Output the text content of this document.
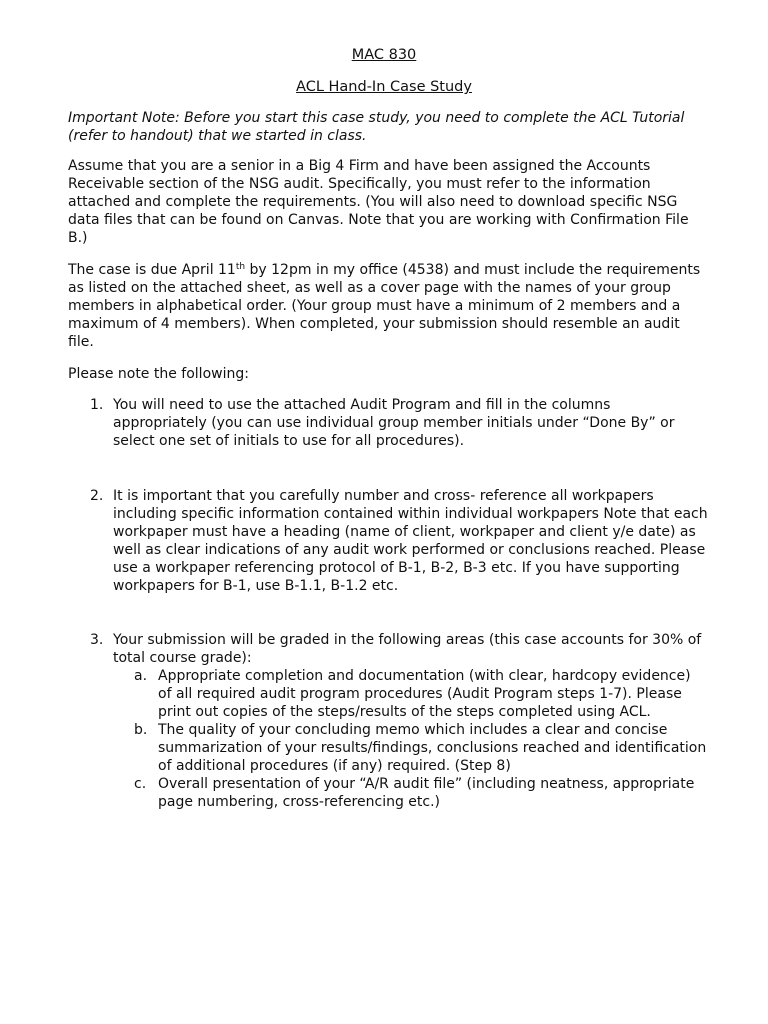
MAC 830
ACL Hand-In Case Study

Important Note: Before you start this case study, you need to complete the ACL Tutorial (refer to handout) that we started in class.

Assume that you are a senior in a Big 4 Firm and have been assigned the Accounts Receivable section of the NSG audit. Specifically, you must refer to the information attached and complete the requirements. (You will also need to download specific NSG data files that can be found on Canvas. Note that you are working with Confirmation File B.)

The case is due April 11th by 12pm in my office (4538) and must include the requirements as listed on the attached sheet, as well as a cover page with the names of your group members in alphabetical order. (Your group must have a minimum of 2 members and a maximum of 4 members). When completed, your submission should resemble an audit file.

Please note the following:

1. You will need to use the attached Audit Program and fill in the columns appropriately (you can use individual group member initials under “Done By” or select one set of initials to use for all procedures).
2. It is important that you carefully number and cross- reference all workpapers including specific information contained within individual workpapers Note that each workpaper must have a heading (name of client, workpaper and client y/e date) as well as clear indications of any audit work performed or conclusions reached. Please use a workpaper referencing protocol of B-1, B-2, B-3 etc. If you have supporting workpapers for B-1, use B-1.1, B-1.2 etc.
3. Your submission will be graded in the following areas (this case accounts for 30% of total course grade):
a. Appropriate completion and documentation (with clear, hardcopy evidence) of all required audit program procedures (Audit Program steps 1-7). Please print out copies of the steps/results of the steps completed using ACL.
b. The quality of your concluding memo which includes a clear and concise summarization of your results/findings, conclusions reached and identification of additional procedures (if any) required. (Step 8)
c. Overall presentation of your “A/R audit file” (including neatness, appropriate page numbering, cross-referencing etc.)
